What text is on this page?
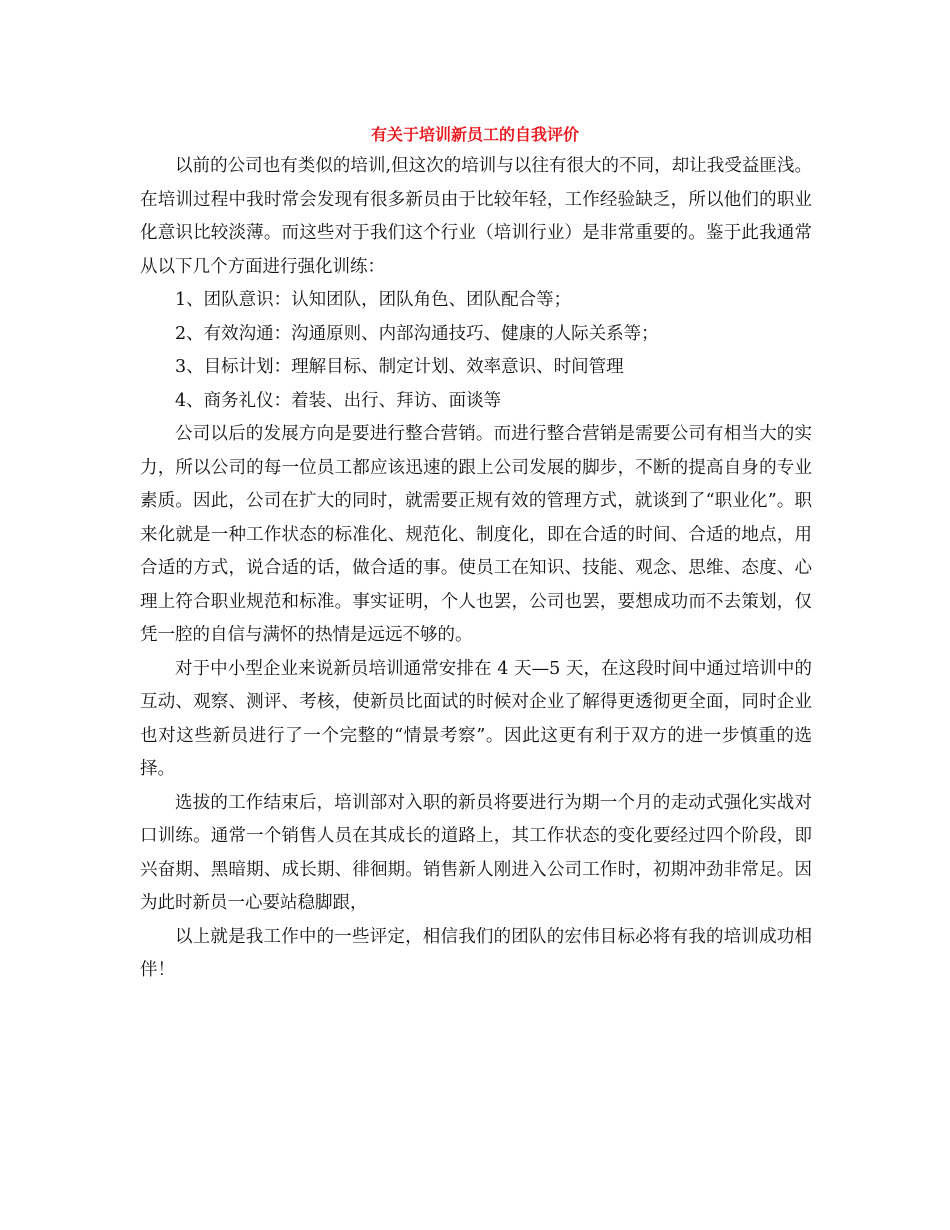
有关于培训新员工的自我评价

以前的公司也有类似的培训,但这次的培训与以往有很大的不同，却让我受益匪浅。在培训过程中我时常会发现有很多新员由于比较年轻，工作经验缺乏，所以他们的职业化意识比较淡薄。而这些对于我们这个行业（培训行业）是非常重要的。鉴于此我通常从以下几个方面进行强化训练：

1、团队意识：认知团队，团队角色、团队配合等；

2、有效沟通：沟通原则、内部沟通技巧、健康的人际关系等；

3、目标计划：理解目标、制定计划、效率意识、时间管理

4、商务礼仪：着装、出行、拜访、面谈等

公司以后的发展方向是要进行整合营销。而进行整合营销是需要公司有相当大的实力，所以公司的每一位员工都应该迅速的跟上公司发展的脚步，不断的提高自身的专业素质。因此，公司在扩大的同时，就需要正规有效的管理方式，就谈到了“职业化”。职来化就是一种工作状态的标准化、规范化、制度化，即在合适的时间、合适的地点，用合适的方式，说合适的话，做合适的事。使员工在知识、技能、观念、思维、态度、心理上符合职业规范和标准。事实证明，个人也罢，公司也罢，要想成功而不去策划，仅凭一腔的自信与满怀的热情是远远不够的。

对于中小型企业来说新员培训通常安排在 4 天—5 天，在这段时间中通过培训中的互动、观察、测评、考核，使新员比面试的时候对企业了解得更透彻更全面，同时企业也对这些新员进行了一个完整的“情景考察”。因此这更有利于双方的进一步慎重的选择。

选拔的工作结束后，培训部对入职的新员将要进行为期一个月的走动式强化实战对口训练。通常一个销售人员在其成长的道路上，其工作状态的变化要经过四个阶段，即兴奋期、黑暗期、成长期、徘徊期。销售新人刚进入公司工作时，初期冲劲非常足。因为此时新员一心要站稳脚跟，

以上就是我工作中的一些评定，相信我们的团队的宏伟目标必将有我的培训成功相伴！
